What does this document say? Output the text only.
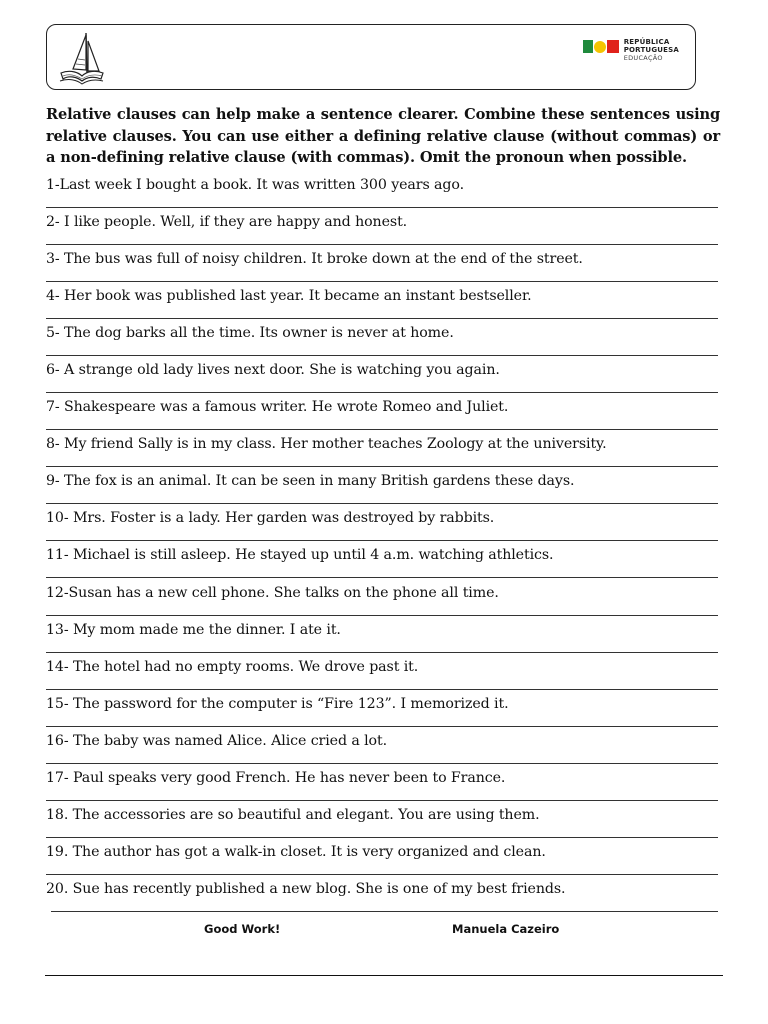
REPÚBLICA
PORTUGUESA
EDUCAÇÃO
Relative clauses can help make a sentence clearer. Combine these sentences using relative clauses. You can use either a defining relative clause (without commas) or a non-defining relative clause (with commas). Omit the pronoun when possible.
1-Last week I bought a book. It was written 300 years ago.
2- I like people. Well, if they are happy and honest.
3- The bus was full of noisy children. It broke down at the end of the street.
4- Her book was published last year. It became an instant bestseller.
5- The dog barks all the time. Its owner is never at home.
6- A strange old lady lives next door. She is watching you again.
7- Shakespeare was a famous writer. He wrote Romeo and Juliet.
8- My friend Sally is in my class. Her mother teaches Zoology at the university.
9- The fox is an animal. It can be seen in many British gardens these days.
10- Mrs. Foster is a lady. Her garden was destroyed by rabbits.
11- Michael is still asleep. He stayed up until 4 a.m. watching athletics.
12-Susan has a new cell phone. She talks on the phone all time.
13- My mom made me the dinner. I ate it.
14- The hotel had no empty rooms. We drove past it.
15- The password for the computer is “Fire 123”. I memorized it.
16- The baby was named Alice. Alice cried a lot.
17- Paul speaks very good French. He has never been to France.
18. The accessories are so beautiful and elegant. You are using them.
19. The author has got a walk-in closet. It is very organized and clean.
20. Sue has recently published a new blog. She is one of my best friends.
Good Work!	Manuela Cazeiro
